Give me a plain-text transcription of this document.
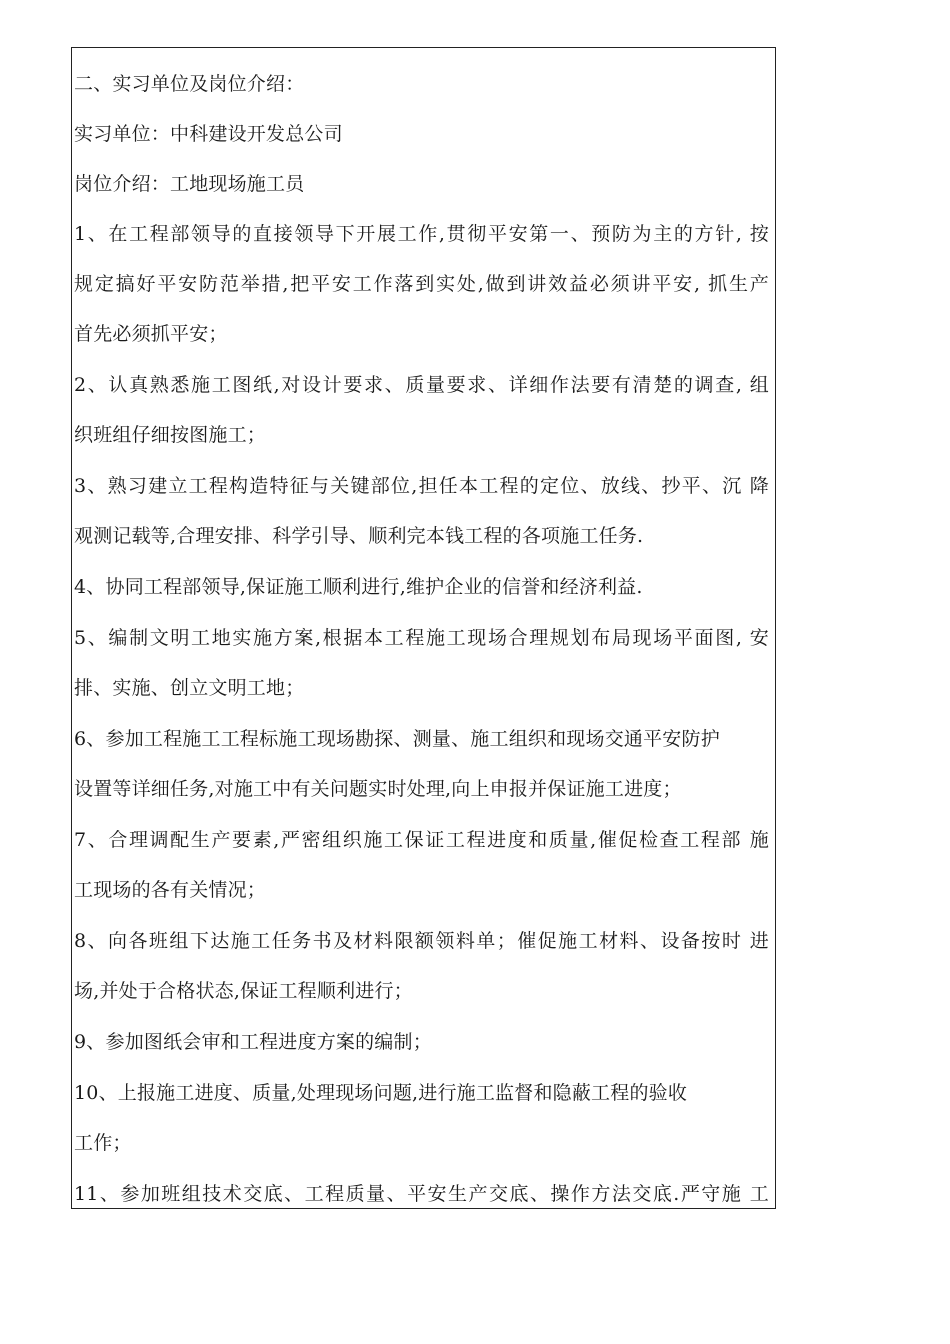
二、实习单位及岗位介绍：
实习单位：中科建设开发总公司
岗位介绍：工地现场施工员
1、在工程部领导的直接领导下开展工作,贯彻平安第一、预防为主的方针, 按
规定搞好平安防范举措,把平安工作落到实处,做到讲效益必须讲平安, 抓生产
首先必须抓平安；
2、认真熟悉施工图纸,对设计要求、质量要求、详细作法要有清楚的调查, 组
织班组仔细按图施工；
3、熟习建立工程构造特征与关键部位,担任本工程的定位、放线、抄平、沉 降
观测记载等,合理安排、科学引导、顺利完本钱工程的各项施工任务.
4、协同工程部领导,保证施工顺利进行,维护企业的信誉和经济利益.
5、编制文明工地实施方案,根据本工程施工现场合理规划布局现场平面图, 安
排、实施、创立文明工地；
6、参加工程施工工程标施工现场勘探、测量、施工组织和现场交通平安防护
设置等详细任务,对施工中有关问题实时处理,向上申报并保证施工进度；
7、合理调配生产要素,严密组织施工保证工程进度和质量,催促检查工程部 施
工现场的各有关情况；
8、向各班组下达施工任务书及材料限额领料单；催促施工材料、设备按时 进
场,并处于合格状态,保证工程顺利进行；
9、参加图纸会审和工程进度方案的编制；
10、上报施工进度、质量,处理现场问题,进行施工监督和隐蔽工程的验收
工作；
11、参加班组技术交底、工程质量、平安生产交底、操作方法交底.严守施 工
